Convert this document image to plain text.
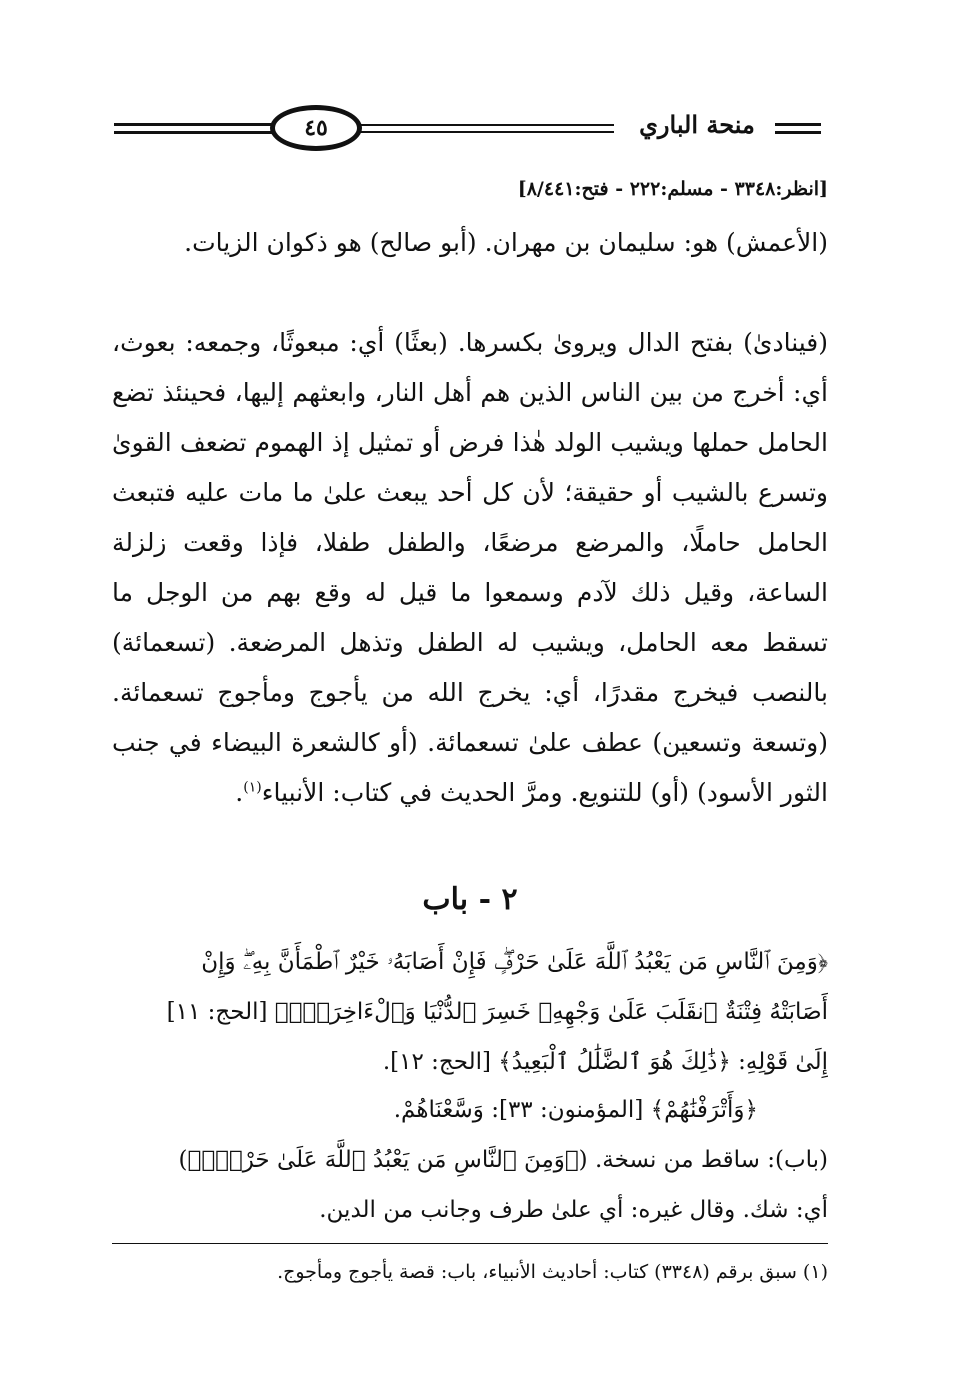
٤٥	منحة الباري
[انظر:٣٣٤٨ - مسلم:٢٢٢ - فتح:٨/٤٤١]
(الأعمش) هو: سليمان بن مهران. (أبو صالح) هو ذكوان الزيات.
(فينادىٰ) بفتح الدال ويروىٰ بكسرها. (بعثًا) أي: مبعوثًا، وجمعه: بعوث، أي: أخرج من بين الناس الذين هم أهل النار، وابعثهم إليها، فحينئذ تضع الحامل حملها ويشيب الولد هٰذا فرض أو تمثيل إذ الهموم تضعف القوىٰ وتسرع بالشيب أو حقيقة؛ لأن كل أحد يبعث علىٰ ما مات عليه فتبعث الحامل حاملًا، والمرضع مرضعًا، والطفل طفلا، فإذا وقعت زلزلة الساعة، وقيل ذلك لآدم وسمعوا ما قيل له وقع بهم من الوجل ما تسقط معه الحامل، ويشيب له الطفل وتذهل المرضعة. (تسعمائة) بالنصب فيخرج مقدرًا، أي: يخرج الله من يأجوج ومأجوج تسعمائة. (وتسعة وتسعين) عطف علىٰ تسعمائة. (أو كالشعرة البيضاء في جنب الثور الأسود) (أو) للتنويع. ومرَّ الحديث في كتاب: الأنبياء$^{(١)}$.
٢ - باب
﴿وَمِنَ ٱلنَّاسِ مَن يَعْبُدُ ٱللَّهَ عَلَىٰ حَرْفٍۖ فَإِنْ أَصَابَهُۥ خَيْرٌ ٱطْمَأَنَّ بِهِۦۖ وَإِنْ
أَصَابَتْهُ فِتْنَةٌ ٱنقَلَبَ عَلَىٰ وَجْهِهِۦ خَسِرَ ٱلدُّنْيَا وَٱلْءَاخِرَةَۚ﴾ [الحج: ١١]
إِلَىٰ قَوْلِهِ: ﴿ذَٰلِكَ هُوَ ٱلضَّلَٰلُ ٱلْبَعِيدُ﴾ [الحج: ١٢].
﴿وَأَتْرَفْنَٰهُمْ﴾ [المؤمنون: ٣٣]: وَسَّعْنَاهُمْ.
(باب): ساقط من نسخة. (﴿وَمِنَ ٱلنَّاسِ مَن يَعْبُدُ ٱللَّهَ عَلَىٰ حَرْفٍۖ﴾)
أي: شك. وقال غيره: أي علىٰ طرف وجانب من الدين.
(١) سبق برقم (٣٣٤٨) كتاب: أحاديث الأنبياء، باب: قصة يأجوج ومأجوج.
